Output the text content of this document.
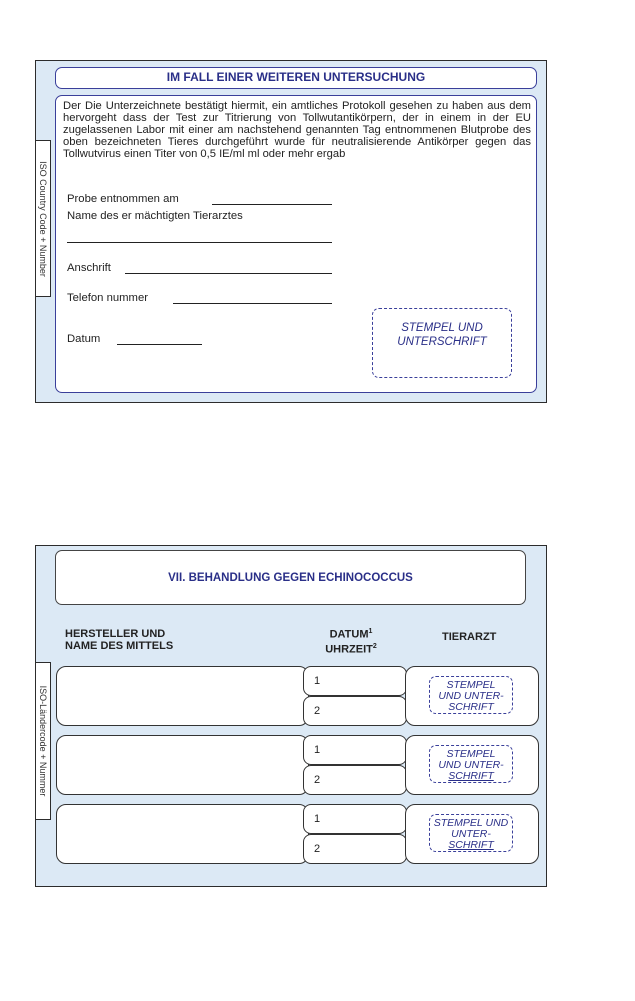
ISO Country Code + Number
IM FALL EINER WEITEREN UNTERSUCHUNG

Der Die Unterzeichnete bestätigt hiermit, ein amtliches Protokoll gesehen zu haben aus dem hervorgeht dass der Test zur Titrierung von Tollwutantikörpern, der in einem in der EU zugelassenen Labor mit einer am nachstehend genannten Tag entnommenen Blutprobe des oben bezeichneten Tieres durchgeführt wurde für neutralisierende Antikörper gegen das Tollwutvirus einen Titer von 0,5 IE/ml ml oder mehr ergab

Probe entnommen am
Name des er mächtigten Tierarztes
Anschrift
Telefon nummer
Datum
STEMPEL UND
UNTERSCHRIFT
ISO-Ländercode + Nummer
VII. BEHANDLUNG GEGEN ECHINOCOCCUS
HERSTELLER UND
NAME DES MITTELS
DATUM$^1$
UHRZEIT$^2$
TIERARZT
1
2
STEMPEL
UND UNTER-
SCHRIFT
1
2
STEMPEL
UND UNTER-
SCHRIFT
1
2
STEMPEL UND
UNTER-
SCHRIFT
